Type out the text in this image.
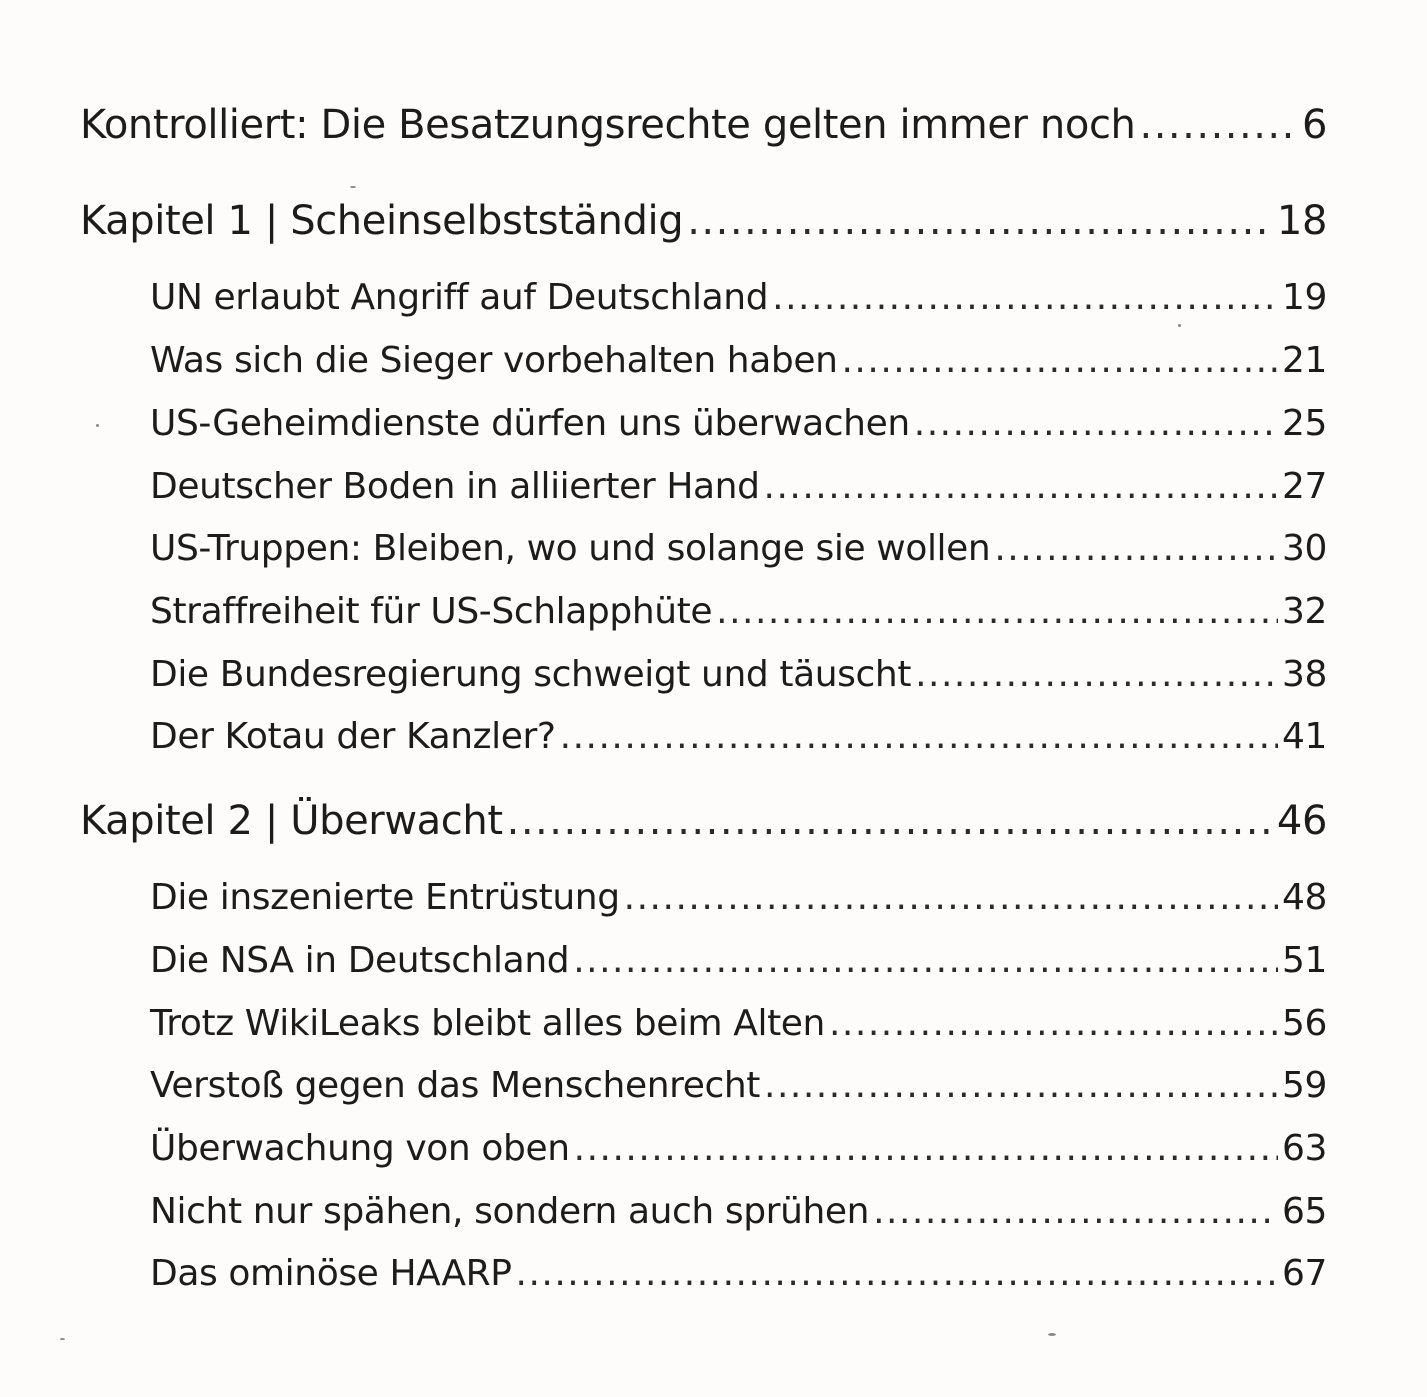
Kontrolliert: Die Besatzungsrechte gelten immer noch .....	6
Kapitel 1 | Scheinselbstständig .....	18
UN erlaubt Angriff auf Deutschland .....	19
Was sich die Sieger vorbehalten haben .....	21
US-Geheimdienste dürfen uns überwachen .....	25
Deutscher Boden in alliierter Hand .....	27
US-Truppen: Bleiben, wo und solange sie wollen .....	30
Straffreiheit für US-Schlapphüte .....	32
Die Bundesregierung schweigt und täuscht .....	38
Der Kotau der Kanzler? .....	41
Kapitel 2 | Überwacht .....	46
Die inszenierte Entrüstung .....	48
Die NSA in Deutschland .....	51
Trotz WikiLeaks bleibt alles beim Alten .....	56
Verstoß gegen das Menschenrecht .....	59
Überwachung von oben .....	63
Nicht nur spähen, sondern auch sprühen .....	65
Das ominöse HAARP .....	67
